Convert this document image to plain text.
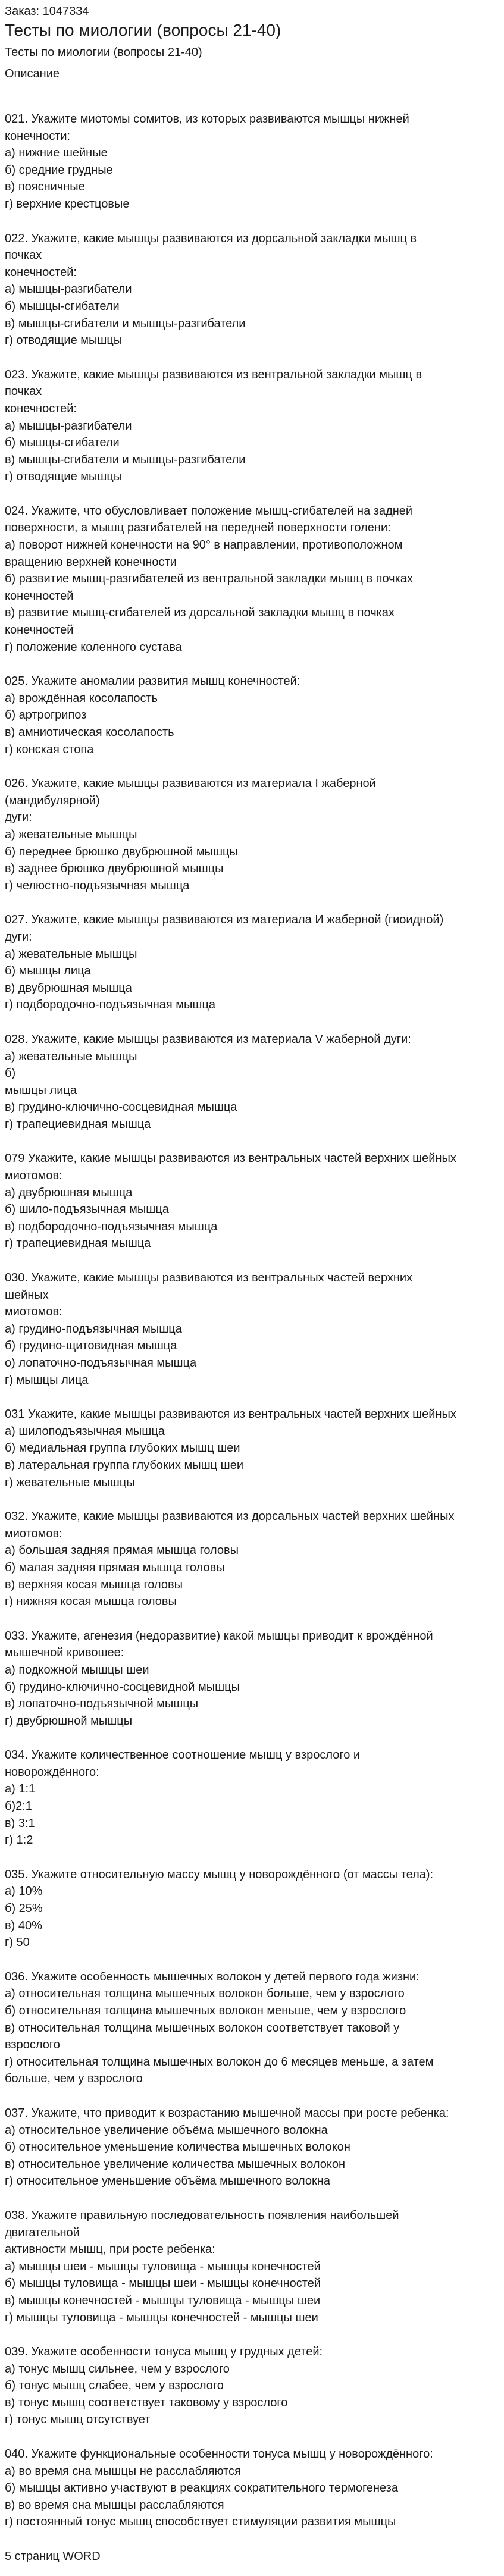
Заказ: 1047334

Тесты по миологии (вопросы 21-40)

Тесты по миологии (вопросы 21-40)

Описание

021. Укажите миотомы сомитов, из которых развиваются мышцы нижней

конечности:

а) нижние шейные

б) средние грудные

в) поясничные

г) верхние крестцовые

022. Укажите, какие мышцы развиваются из дорсальной закладки мышц в

почках

конечностей:

а) мышцы-разгибатели

б) мышцы-сгибатели

в) мышцы-сгибатели и мышцы-разгибатели

г) отводящие мышцы

023. Укажите, какие мышцы развиваются из вентральной закладки мышц в

почках

конечностей:

а) мышцы-разгибатели

б) мышцы-сгибатели

в) мышцы-сгибатели и мышцы-разгибатели

г) отводящие мышцы

024. Укажите, что обусловливает положение мышц-сгибателей на задней

поверхности, а мышц разгибателей на передней поверхности голени:

а) поворот нижней конечности на 90° в направлении, противоположном

вращению верхней конечности

б) развитие мышц-разгибателей из вентральной закладки мышц в почках

конечностей

в) развитие мышц-сгибателей из дорсальной закладки мышц в почках

конечностей

г) положение коленного сустава

025. Укажите аномалии развития мышц конечностей:

а) врождённая косолапость

б) артрогрипоз

в) амниотическая косолапость

г) конская стопа

026. Укажите, какие мышцы развиваются из материала I жаберной

(мандибулярной)

дуги:

а) жевательные мышцы

б) переднее брюшко двубрюшной мышцы

в) заднее брюшко двубрюшной мышцы

г) челюстно-подъязычная мышца

027. Укажите, какие мышцы развиваются из материала И жаберной (гиоидной)

дуги:

а) жевательные мышцы

б) мышцы лица

в) двубрюшная мышца

г) подбородочно-подъязычная мышца

028. Укажите, какие мышцы развиваются из материала V жаберной дуги:

а) жевательные мышцы

б)

мышцы лица

в) грудино-ключично-сосцевидная мышца

г) трапециевидная мышца

079 Укажите, какие мышцы развиваются из вентральных частей верхних шейных

миотомов:

а) двубрюшная мышца

б) шило-подъязычная мышца

в) подбородочно-подъязычная мышца

г) трапециевидная мышца

030. Укажите, какие мышцы развиваются из вентральных частей верхних

шейных

миотомов:

а) грудино-подъязычная мышца

б) грудино-щитовидная мышца

о) лопаточно-подъязычная мышца

г) мышцы лица

031 Укажите, какие мышцы развиваются из вентральных частей верхних шейных

а) шилоподъязычная мышца

б) медиальная группа глубоких мышц шеи

в) латеральная группа глубоких мышц шеи

г) жевательные мышцы

032. Укажите, какие мышцы развиваются из дорсальных частей верхних шейных

миотомов:

а) большая задняя прямая мышца головы

б) малая задняя прямая мышца головы

в) верхняя косая мышца головы

г) нижняя косая мышца головы

033. Укажите, агенезия (недоразвитие) какой мышцы приводит к врождённой

мышечной кривошее:

а) подкожной мышцы шеи

б) грудино-ключично-сосцевидной мышцы

в) лопаточно-подъязычной мышцы

г) двубрюшной мышцы

034. Укажите количественное соотношение мышц у взрослого и

новорождённого:

а) 1:1

б)2:1

в) 3:1

г) 1:2

035. Укажите относительную массу мышц у новорождённого (от массы тела):

а) 10%

б) 25%

в) 40%

г) 50

036. Укажите особенность мышечных волокон у детей первого года жизни:

а) относительная толщина мышечных волокон больше, чем у взрослого

б) относительная толщина мышечных волокон меньше, чем у взрослого

в) относительная толщина мышечных волокон соответствует таковой у

взрослого

г) относительная толщина мышечных волокон до 6 месяцев меньше, а затем

больше, чем у взрослого

037. Укажите, что приводит к возрастанию мышечной массы при росте ребенка:

а) относительное увеличение объёма мышечного волокна

б) относительное уменьшение количества мышечных волокон

в) относительное увеличение количества мышечных волокон

г) относительное уменьшение объёма мышечного волокна

038. Укажите правильную последовательность появления наибольшей

двигательной

активности мышц, при росте ребенка:

а) мышцы шеи - мышцы туловища - мышцы конечностей

б) мышцы туловища - мышцы шеи - мышцы конечностей

в) мышцы конечностей - мышцы туловища - мышцы шеи

г) мышцы туловища - мышцы конечностей - мышцы шеи

039. Укажите особенности тонуса мышц у грудных детей:

а) тонус мышц сильнее, чем у взрослого

б) тонус мышц слабее, чем у взрослого

в) тонус мышц соответствует таковому у взрослого

г) тонус мышц отсутствует

040. Укажите функциональные особенности тонуса мышц у новорождённого:

а) во время сна мышцы не расслабляются

б) мышцы активно участвуют в реакциях сократительного термогенеза

в) во время сна мышцы расслабляются

г) постоянный тонус мышц способствует стимуляции развития мышцы

5 страниц WORD
